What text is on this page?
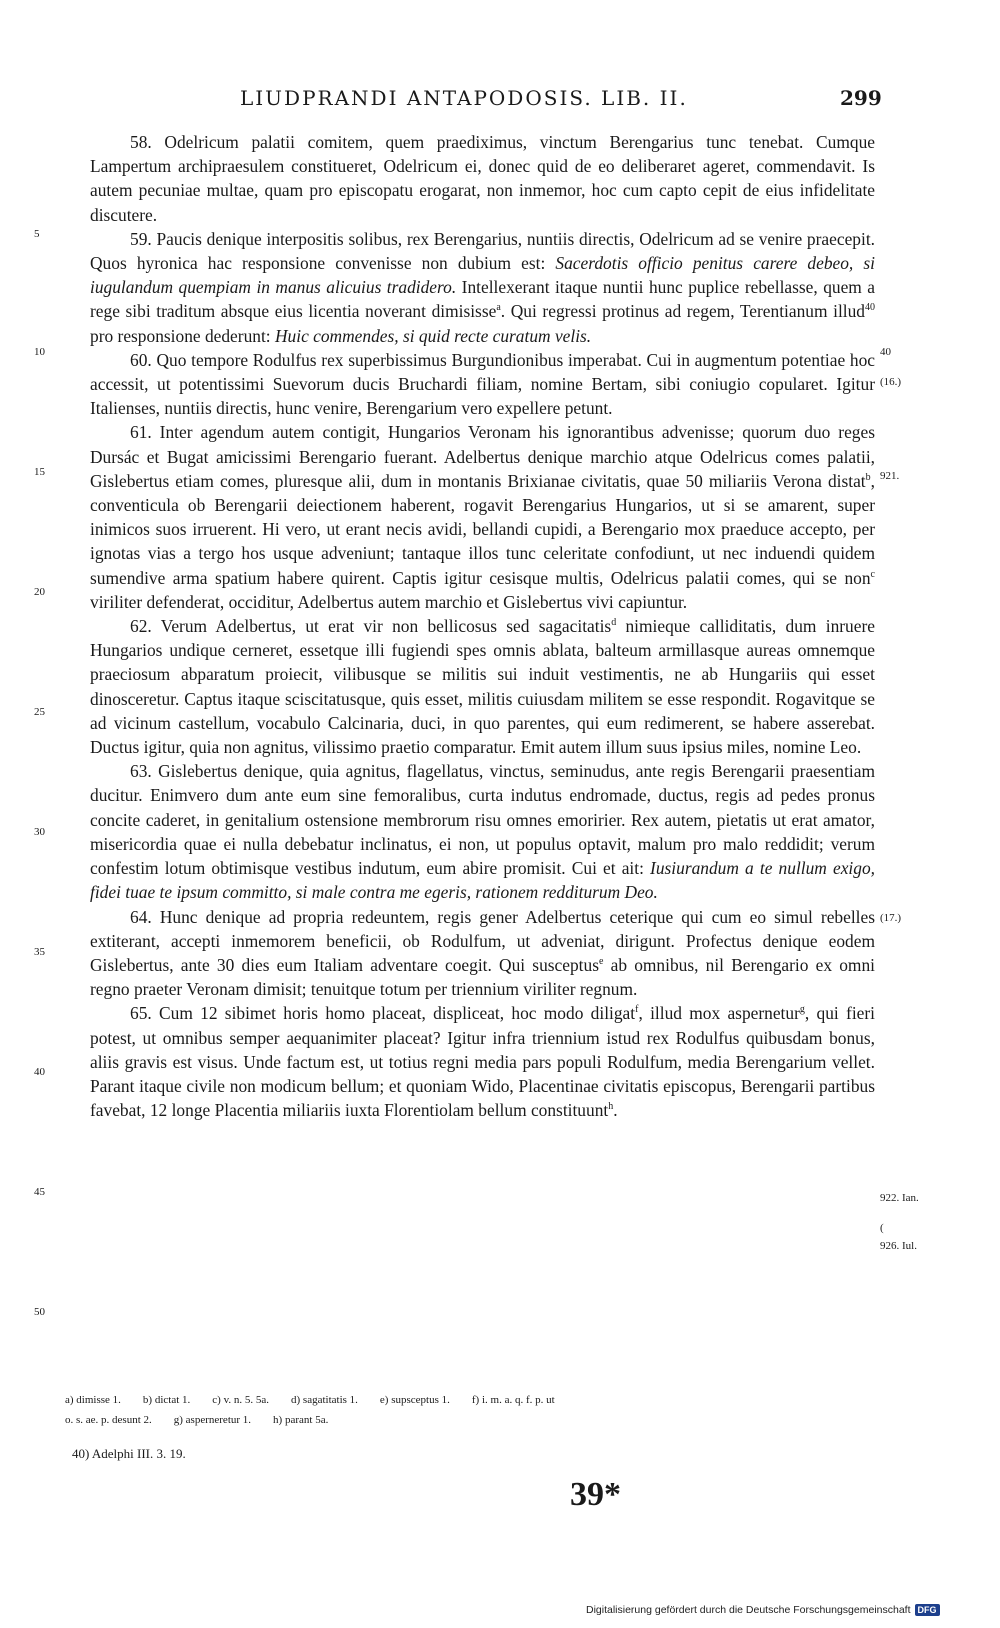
LIUDPRANDI ANTAPODOSIS. LIB. II.	299

58. Odelricum palatii comitem, quem praediximus, vinctum Berengarius tunc tenebat. Cumque Lampertum archipraesulem constitueret, Odelricum ei, donec quid de eo deliberaret ageret, commendavit. Is autem pecuniae multae, quam pro episcopatu erogarat, non inmemor, hoc cum capto cepit de eius infidelitate discutere.

59. Paucis denique interpositis solibus, rex Berengarius, nuntiis directis, Odelricum ad se venire praecepit. Quos hyronica hac responsione convenisse non dubium est: Sacerdotis officio penitus carere debeo, si iugulandum quempiam in manus alicuius tradidero. Intellexerant itaque nuntii hunc puplice rebellasse, quem a rege sibi traditum absque eius licentia noverant dimisisse$^a$. Qui regressi protinus ad regem, Terentianum illud$^{40}$ pro responsione dederunt: Huic commendes, si quid recte curatum velis.

60. Quo tempore Rodulfus rex superbissimus Burgundionibus imperabat. Cui in augmentum potentiae hoc accessit, ut potentissimi Suevorum ducis Bruchardi filiam, nomine Bertam, sibi coniugio copularet. Igitur Italienses, nuntiis directis, hunc venire, Berengarium vero expellere petunt.

61. Inter agendum autem contigit, Hungarios Veronam his ignorantibus advenisse; quorum duo reges Dursác et Bugat amicissimi Berengario fuerant. Adelbertus denique marchio atque Odelricus comes palatii, Gislebertus etiam comes, pluresque alii, dum in montanis Brixianae civitatis, quae 50 miliariis Verona distat$^b$, conventicula ob Berengarii deiectionem haberent, rogavit Berengarius Hungarios, ut si se amarent, super inimicos suos irruerent. Hi vero, ut erant necis avidi, bellandi cupidi, a Berengario mox praeduce accepto, per ignotas vias a tergo hos usque adveniunt; tantaque illos tunc celeritate confodiunt, ut nec induendi quidem sumendive arma spatium habere quirent. Captis igitur cesisque multis, Odelricus palatii comes, qui se non$^c$ viriliter defenderat, occiditur, Adelbertus autem marchio et Gislebertus vivi capiuntur.

62. Verum Adelbertus, ut erat vir non bellicosus sed sagacitatis$^d$ nimieque calliditatis, dum inruere Hungarios undique cerneret, essetque illi fugiendi spes omnis ablata, balteum armillasque aureas omnemque praeciosum abparatum proiecit, vilibusque se militis sui induit vestimentis, ne ab Hungariis qui esset dinosceretur. Captus itaque sciscitatusque, quis esset, militis cuiusdam militem se esse respondit. Rogavitque se ad vicinum castellum, vocabulo Calcinaria, duci, in quo parentes, qui eum redimerent, se habere asserebat. Ductus igitur, quia non agnitus, vilissimo praetio comparatur. Emit autem illum suus ipsius miles, nomine Leo.

63. Gislebertus denique, quia agnitus, flagellatus, vinctus, seminudus, ante regis Berengarii praesentiam ducitur. Enimvero dum ante eum sine femoralibus, curta indutus endromade, ductus, regis ad pedes pronus concite caderet, in genitalium ostensione membrorum risu omnes emoririer. Rex autem, pietatis ut erat amator, misericordia quae ei nulla debebatur inclinatus, ei non, ut populus optavit, malum pro malo reddidit; verum confestim lotum obtimisque vestibus indutum, eum abire promisit. Cui et ait: Iusiurandum a te nullum exigo, fidei tuae te ipsum committo, si male contra me egeris, rationem redditurum Deo.

64. Hunc denique ad propria redeuntem, regis gener Adelbertus ceterique qui cum eo simul rebelles extiterant, accepti inmemorem beneficii, ob Rodulfum, ut adveniat, dirigunt. Profectus denique eodem Gislebertus, ante 30 dies eum Italiam adventare coegit. Qui susceptus$^e$ ab omnibus, nil Berengario ex omni regno praeter Veronam dimisit; tenuitque totum per triennium viriliter regnum.

65. Cum 12 sibimet horis homo placeat, displiceat, hoc modo diligat$^f$, illud mox aspernetur$^g$, qui fieri potest, ut omnibus semper aequanimiter placeat? Igitur infra triennium istud rex Rodulfus quibusdam bonus, aliis gravis est visus. Unde factum est, ut totius regni media pars populi Rodulfum, media Berengarium vellet. Parant itaque civile non modicum bellum; et quoniam Wido, Placentinae civitatis episcopus, Berengarii partibus favebat, 12 longe Placentia miliariis iuxta Florentiolam bellum constituunt$^h$.

5
10
15
20
25
30
35
40
45
50
40
(16.)
921.
(17.)
922. Ian.
(
926. Iul.
a) dimisse 1. b) dictat 1. c) v. n. 5. 5a. d) sagatitatis 1. e) supsceptus 1. f) i. m. a. q. f. p. ut
o. s. ae. p. desunt 2. g) asperneretur 1. h) parant 5a.
40) Adelphi III. 3. 19.
39*
Digitalisierung gefördert durch die Deutsche Forschungsgemeinschaft DFG
